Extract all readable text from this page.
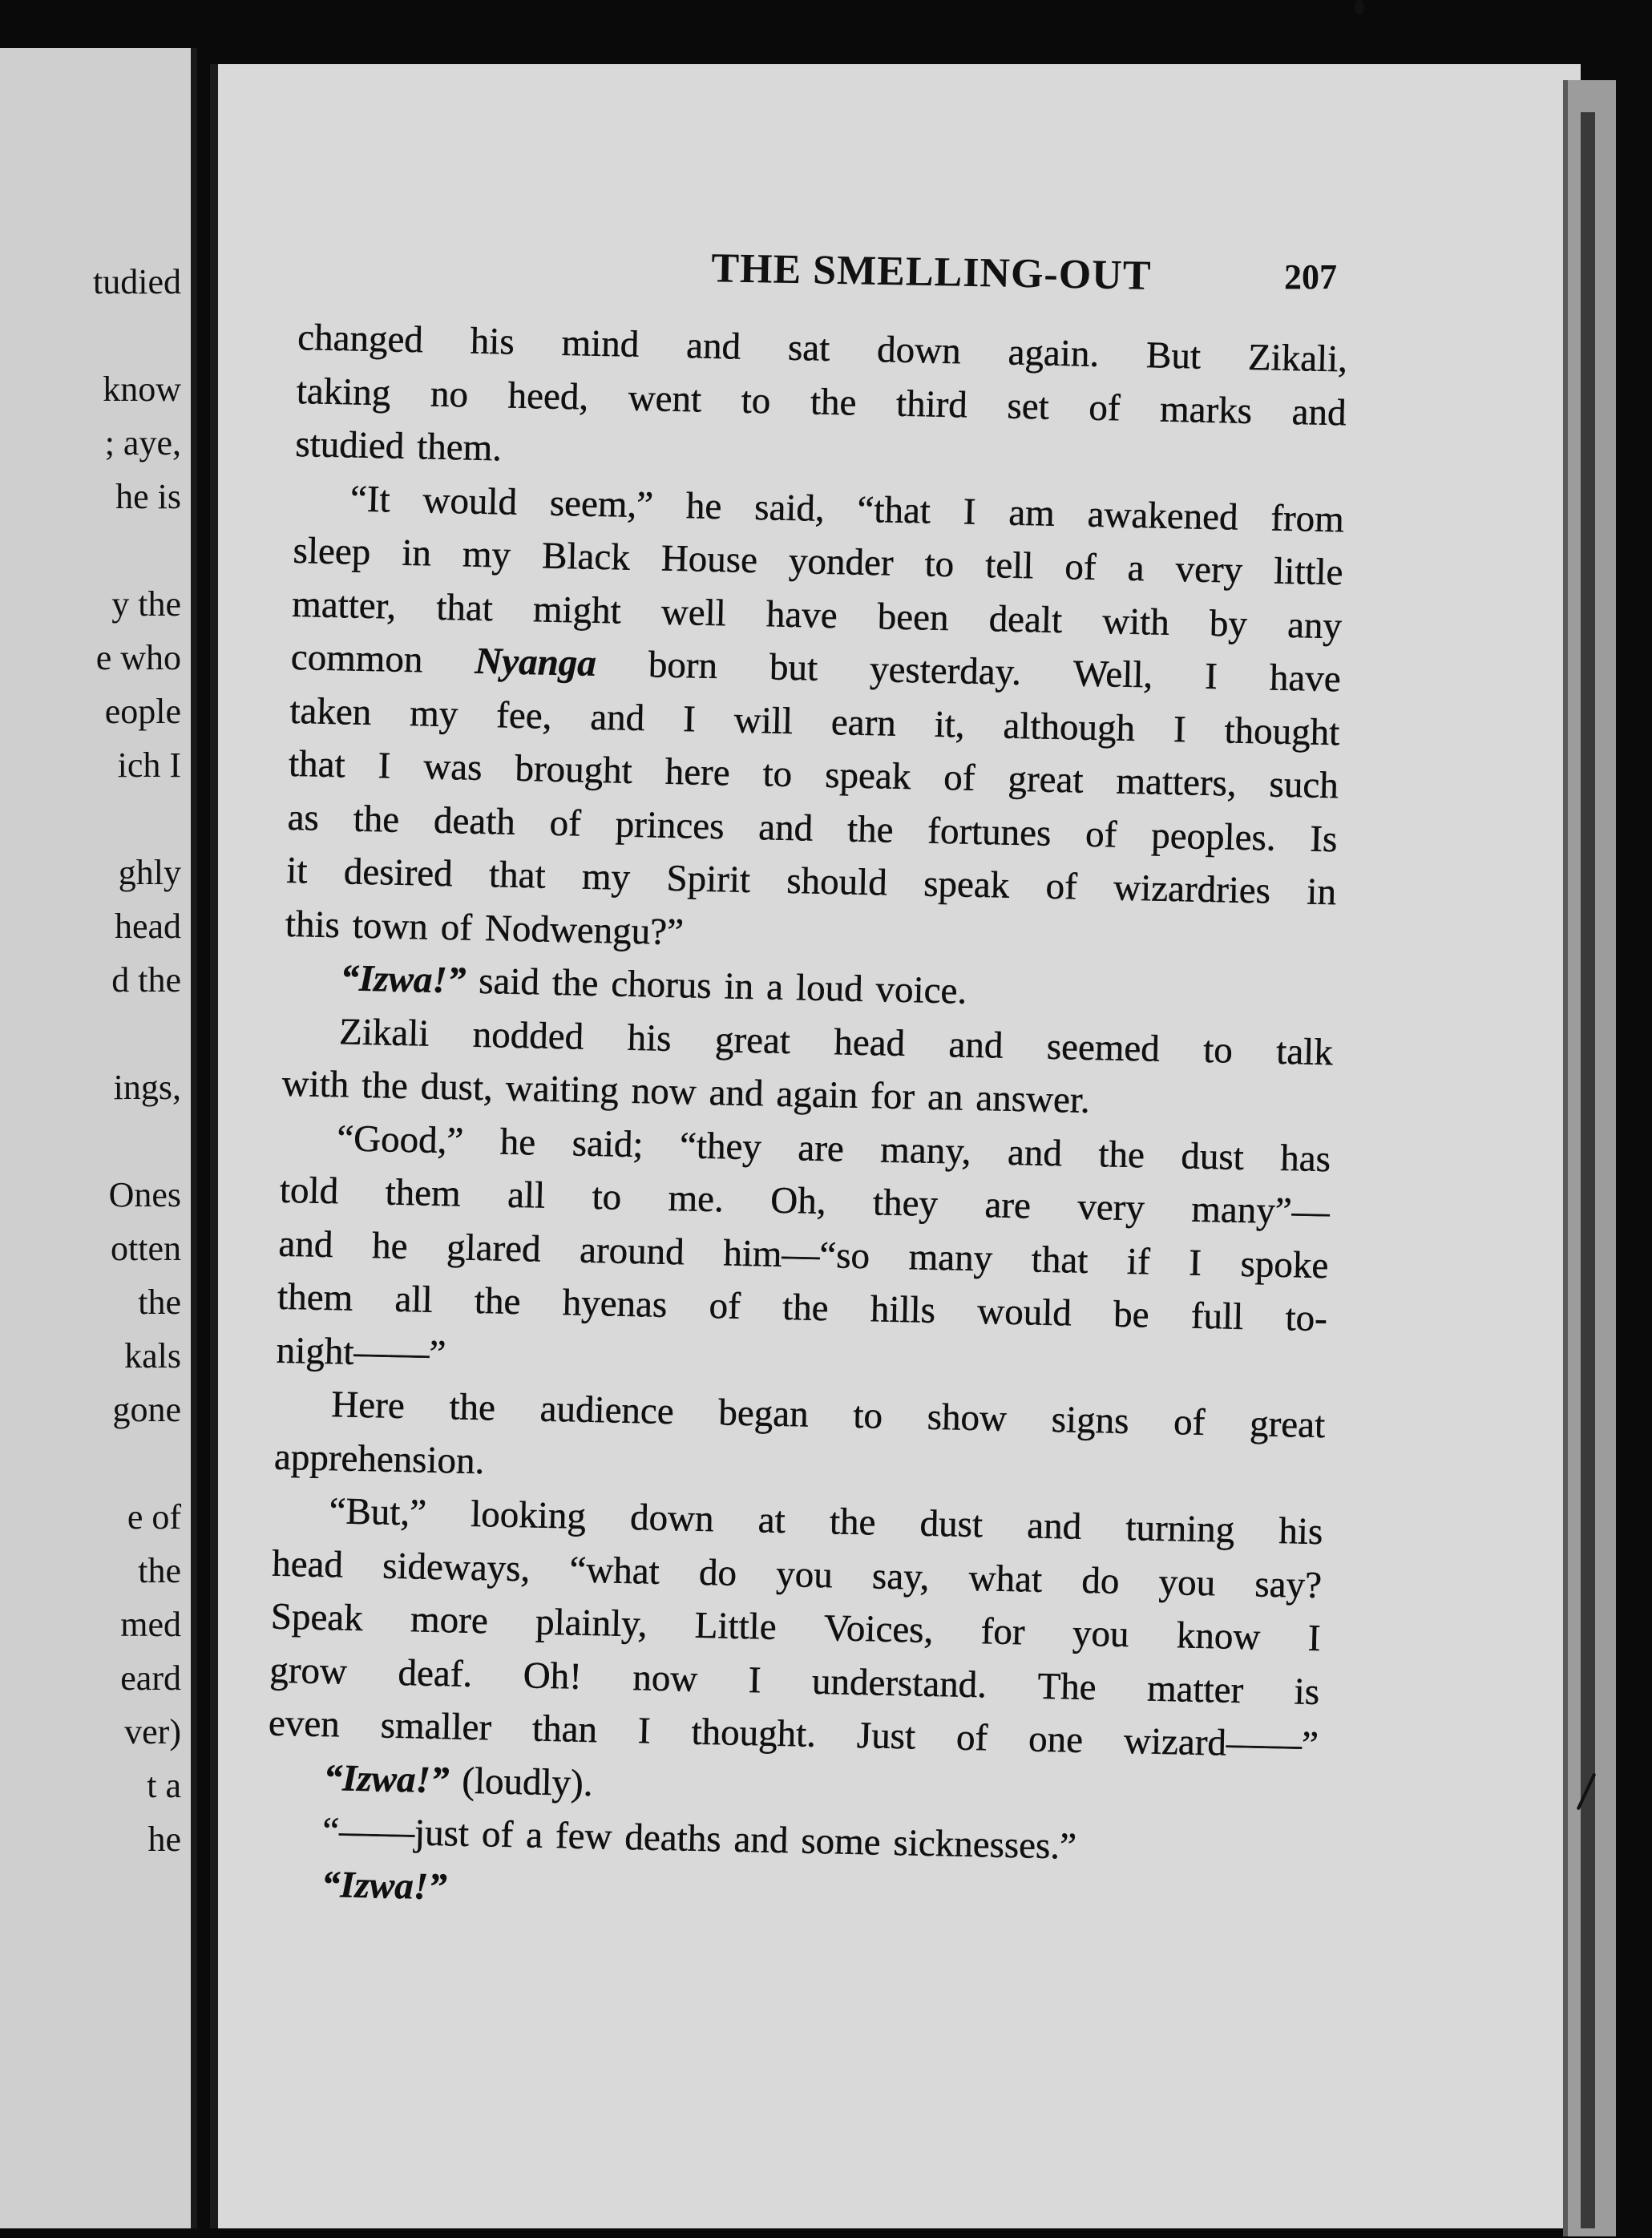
tudied
know
; aye,
he is
y the
e who
eople
ich I
ghly
head
d the
ings,
Ones
otten
the
kals
gone
e of
the
med
eard
ver)
t a
he
THE SMELLING-OUT	207
changed his mind and sat down again. But Zikali,
taking no heed, went to the third set of marks and
studied them.
“It would seem,” he said, “that I am awakened from
sleep in my Black House yonder to tell of a very little
matter, that might well have been dealt with by any
common Nyanga born but yesterday. Well, I have
taken my fee, and I will earn it, although I thought
that I was brought here to speak of great matters, such
as the death of princes and the fortunes of peoples. Is
it desired that my Spirit should speak of wizardries in
this town of Nodwengu?”
“Izwa!” said the chorus in a loud voice.
Zikali nodded his great head and seemed to talk
with the dust, waiting now and again for an answer.
“Good,” he said; “they are many, and the dust has
told them all to me. Oh, they are very many”—
and he glared around him—“so many that if I spoke
them all the hyenas of the hills would be full to-
night——”
Here the audience began to show signs of great
apprehension.
“But,” looking down at the dust and turning his
head sideways, “what do you say, what do you say?
Speak more plainly, Little Voices, for you know I
grow deaf. Oh! now I understand. The matter is
even smaller than I thought. Just of one wizard——”
“Izwa!” (loudly).
“——just of a few deaths and some sicknesses.”
“Izwa!”
